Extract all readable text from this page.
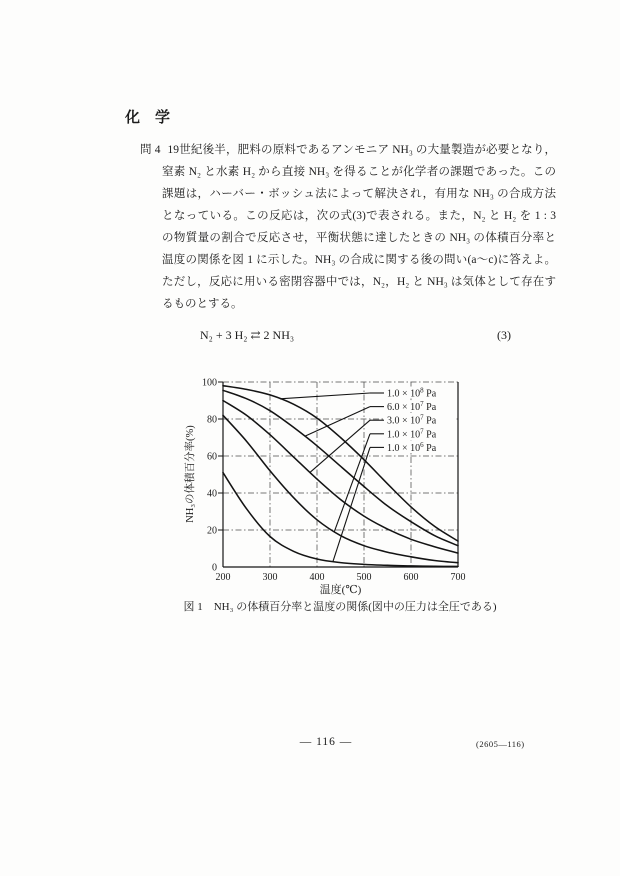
化　学
問 4 19世紀後半，肥料の原料であるアンモニア NH₃ の大量製造が必要となり，窒素 N₂ と水素 H₂ から直接 NH₃ を得ることが化学者の課題であった。この課題は，ハーバー・ボッシュ法によって解決され，有用な NH₃ の合成方法となっている。この反応は，次の式(3)で表される。また，N₂ と H₂ を 1 : 3 の物質量の割合で反応させ，平衡状態に達したときの NH₃ の体積百分率と温度の関係を図 1 に示した。NH₃ の合成に関する後の問い(a～c)に答えよ。ただし，反応に用いる密閉容器中では，N₂，H₂ と NH₃ は気体として存在するものとする。
N₂ + 3 H₂ ⇄ 2 NH₃	(3)
$1.0 \times 10^8$ Pa
$6.0 \times 10^7$ Pa
$3.0 \times 10^7$ Pa
$1.0 \times 10^7$ Pa
$1.0 \times 10^6$ Pa
0
20
40
60
80
100
200	300	400	500	600	700
温度(℃)
NH₃の体積百分率(%)
図 1　NH₃ の体積百分率と温度の関係(図中の圧力は全圧である)
— 116 —	(2605—116)
